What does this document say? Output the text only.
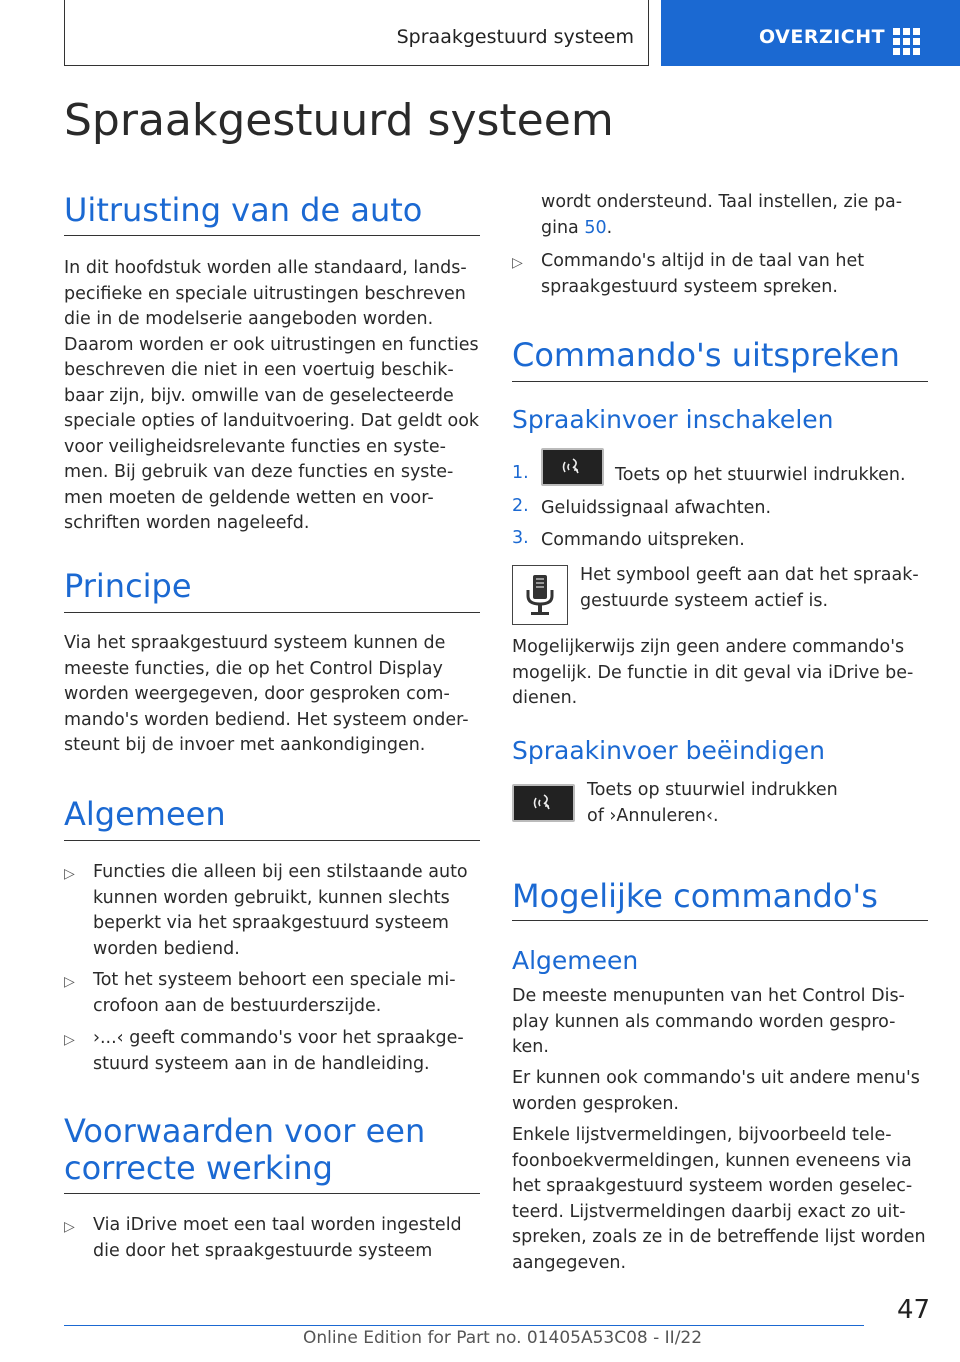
Spraakgestuurd systeem	OVERZICHT
Spraakgestuurd systeem
Uitrusting van de auto
In dit hoofdstuk worden alle standaard, lands-
pecifieke en speciale uitrustingen beschreven
die in de modelserie aangeboden worden.
Daarom worden er ook uitrustingen en functies
beschreven die niet in een voertuig beschik-
baar zijn, bijv. omwille van de geselecteerde
speciale opties of landuitvoering. Dat geldt ook
voor veiligheidsrelevante functies en syste-
men. Bij gebruik van deze functies en syste-
men moeten de geldende wetten en voor-
schriften worden nageleefd.
Principe
Via het spraakgestuurd systeem kunnen de
meeste functies, die op het Control Display
worden weergegeven, door gesproken com-
mando's worden bediend. Het systeem onder-
steunt bij de invoer met aankondigingen.
Algemeen
▷ Functies die alleen bij een stilstaande auto
kunnen worden gebruikt, kunnen slechts
beperkt via het spraakgestuurd systeem
worden bediend.
▷ Tot het systeem behoort een speciale mi-
crofoon aan de bestuurderszijde.
▷ ›...‹ geeft commando's voor het spraakge-
stuurd systeem aan in de handleiding.
Voorwaarden voor een
correcte werking
▷ Via iDrive moet een taal worden ingesteld
die door het spraakgestuurde systeem
wordt ondersteund. Taal instellen, zie pa-
gina 50.
▷ Commando's altijd in de taal van het
spraakgestuurd systeem spreken.
Commando's uitspreken
Spraakinvoer inschakelen
1.	Toets op het stuurwiel indrukken.
2. Geluidssignaal afwachten.
3. Commando uitspreken.
Het symbool geeft aan dat het spraak-
gestuurde systeem actief is.
Mogelijkerwijs zijn geen andere commando's
mogelijk. De functie in dit geval via iDrive be-
dienen.
Spraakinvoer beëindigen
Toets op stuurwiel indrukken
of ›Annuleren‹.
Mogelijke commando's
Algemeen
De meeste menupunten van het Control Dis-
play kunnen als commando worden gespro-
ken.
Er kunnen ook commando's uit andere menu's
worden gesproken.
Enkele lijstvermeldingen, bijvoorbeeld tele-
foonboekvermeldingen, kunnen eveneens via
het spraakgestuurd systeem worden geselec-
teerd. Lijstvermeldingen daarbij exact zo uit-
spreken, zoals ze in de betreffende lijst worden
aangegeven.
47
Online Edition for Part no. 01405A53C08 - II/22
